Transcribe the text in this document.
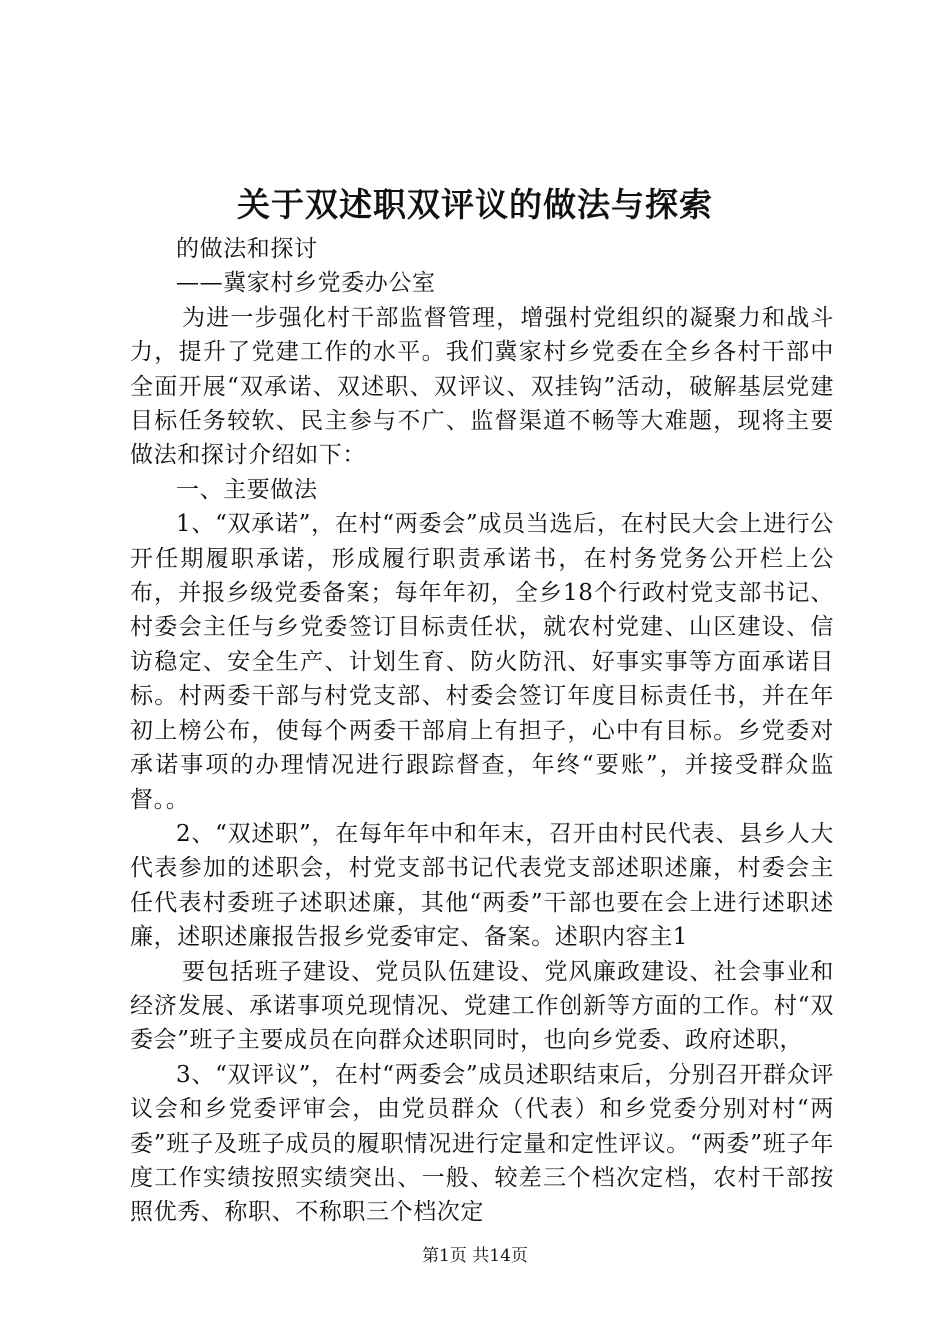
关于双述职双评议的做法与探索

的做法和探讨

——冀家村乡党委办公室

为进一步强化村干部监督管理，增强村党组织的凝聚力和战斗力，提升了党建工作的水平。我们冀家村乡党委在全乡各村干部中全面开展“双承诺、双述职、双评议、双挂钩”活动，破解基层党建目标任务较软、民主参与不广、监督渠道不畅等大难题，现将主要做法和探讨介绍如下：

一、主要做法

1、“双承诺”，在村“两委会”成员当选后，在村民大会上进行公开任期履职承诺，形成履行职责承诺书，在村务党务公开栏上公布，并报乡级党委备案；每年年初，全乡18个行政村党支部书记、村委会主任与乡党委签订目标责任状，就农村党建、山区建设、信访稳定、安全生产、计划生育、防火防汛、好事实事等方面承诺目标。村两委干部与村党支部、村委会签订年度目标责任书，并在年初上榜公布，使每个两委干部肩上有担子，心中有目标。乡党委对承诺事项的办理情况进行跟踪督查，年终“要账”，并接受群众监督。。

2、“双述职”，在每年年中和年末，召开由村民代表、县乡人大代表参加的述职会，村党支部书记代表党支部述职述廉，村委会主任代表村委班子述职述廉，其他“两委”干部也要在会上进行述职述廉，述职述廉报告报乡党委审定、备案。述职内容主1

要包括班子建设、党员队伍建设、党风廉政建设、社会事业和经济发展、承诺事项兑现情况、党建工作创新等方面的工作。村“双委会”班子主要成员在向群众述职同时，也向乡党委、政府述职，

3、“双评议”，在村“两委会”成员述职结束后，分别召开群众评议会和乡党委评审会，由党员群众（代表）和乡党委分别对村“两委”班子及班子成员的履职情况进行定量和定性评议。“两委”班子年度工作实绩按照实绩突出、一般、较差三个档次定档，农村干部按照优秀、称职、不称职三个档次定

第1页 共14页
